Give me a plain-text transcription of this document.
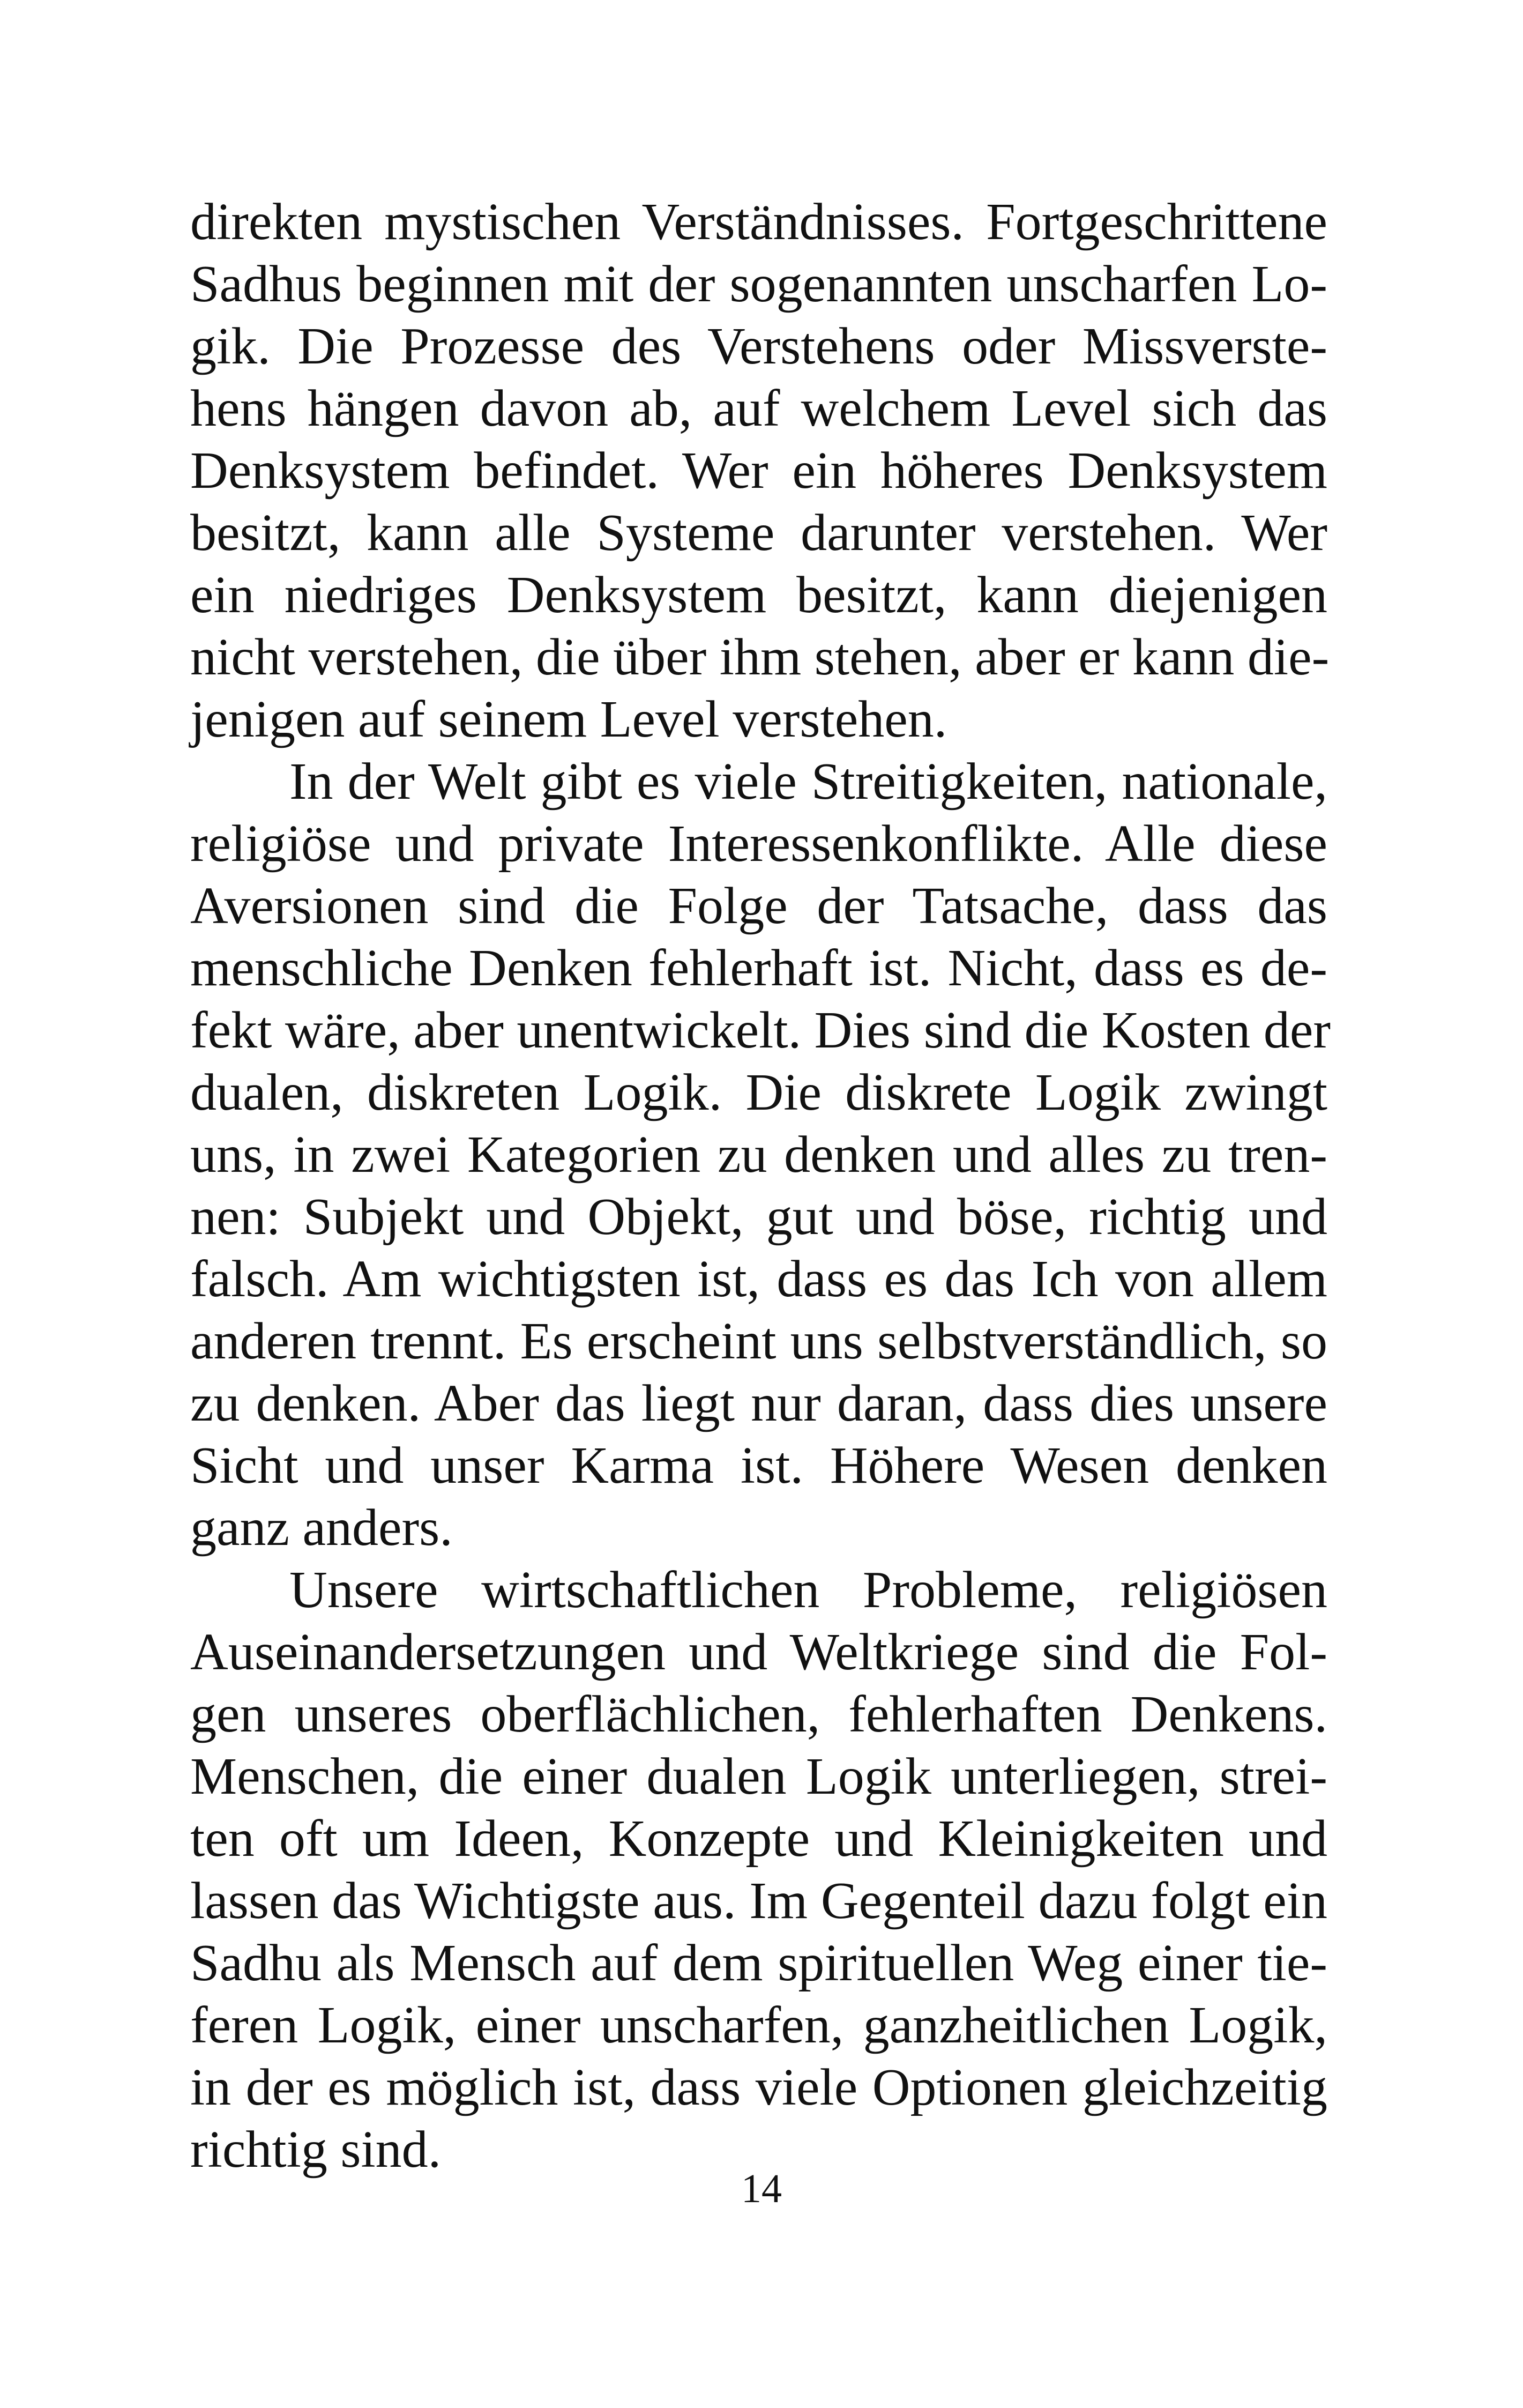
direkten mystischen Verständnisses. Fortgeschrittene
Sadhus beginnen mit der sogenannten unscharfen Lo-
gik. Die Prozesse des Verstehens oder Missverste-
hens hängen davon ab, auf welchem Level sich das
Denksystem befindet. Wer ein höheres Denksystem
besitzt, kann alle Systeme darunter verstehen. Wer
ein niedriges Denksystem besitzt, kann diejenigen
nicht verstehen, die über ihm stehen, aber er kann die-
jenigen auf seinem Level verstehen.
In der Welt gibt es viele Streitigkeiten, nationale,
religiöse und private Interessenkonflikte. Alle diese
Aversionen sind die Folge der Tatsache, dass das
menschliche Denken fehlerhaft ist. Nicht, dass es de-
fekt wäre, aber unentwickelt. Dies sind die Kosten der
dualen, diskreten Logik. Die diskrete Logik zwingt
uns, in zwei Kategorien zu denken und alles zu tren-
nen: Subjekt und Objekt, gut und böse, richtig und
falsch. Am wichtigsten ist, dass es das Ich von allem
anderen trennt. Es erscheint uns selbstverständlich, so
zu denken. Aber das liegt nur daran, dass dies unsere
Sicht und unser Karma ist. Höhere Wesen denken
ganz anders.
Unsere wirtschaftlichen Probleme, religiösen
Auseinandersetzungen und Weltkriege sind die Fol-
gen unseres oberflächlichen, fehlerhaften Denkens.
Menschen, die einer dualen Logik unterliegen, strei-
ten oft um Ideen, Konzepte und Kleinigkeiten und
lassen das Wichtigste aus. Im Gegenteil dazu folgt ein
Sadhu als Mensch auf dem spirituellen Weg einer tie-
feren Logik, einer unscharfen, ganzheitlichen Logik,
in der es möglich ist, dass viele Optionen gleichzeitig
richtig sind.
14
